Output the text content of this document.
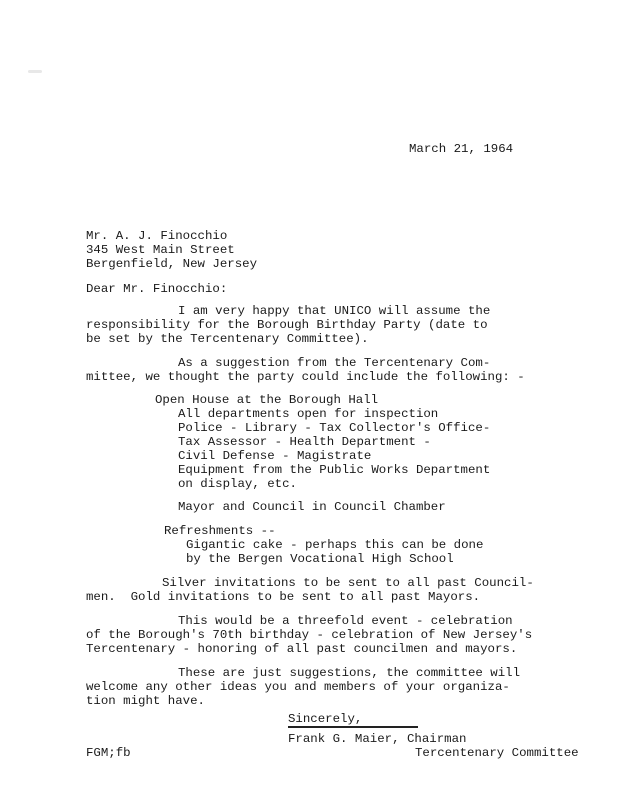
March 21, 1964
Mr. A. J. Finocchio
345 West Main Street
Bergenfield, New Jersey
Dear Mr. Finocchio:
I am very happy that UNICO will assume the
responsibility for the Borough Birthday Party (date to
be set by the Tercentenary Committee).
As a suggestion from the Tercentenary Com-
mittee, we thought the party could include the following: -
Open House at the Borough Hall
All departments open for inspection
Police - Library - Tax Collector's Office-
Tax Assessor - Health Department -
Civil Defense - Magistrate
Equipment from the Public Works Department
on display, etc.
Mayor and Council in Council Chamber
Refreshments --
Gigantic cake - perhaps this can be done
by the Bergen Vocational High School
Silver invitations to be sent to all past Council-
men.  Gold invitations to be sent to all past Mayors.
This would be a threefold event - celebration
of the Borough's 70th birthday - celebration of New Jersey's
Tercentenary - honoring of all past councilmen and mayors.
These are just suggestions, the committee will
welcome any other ideas you and members of your organiza-
tion might have.
Sincerely,
Frank G. Maier, Chairman
Tercentenary Committee
FGM;fb
